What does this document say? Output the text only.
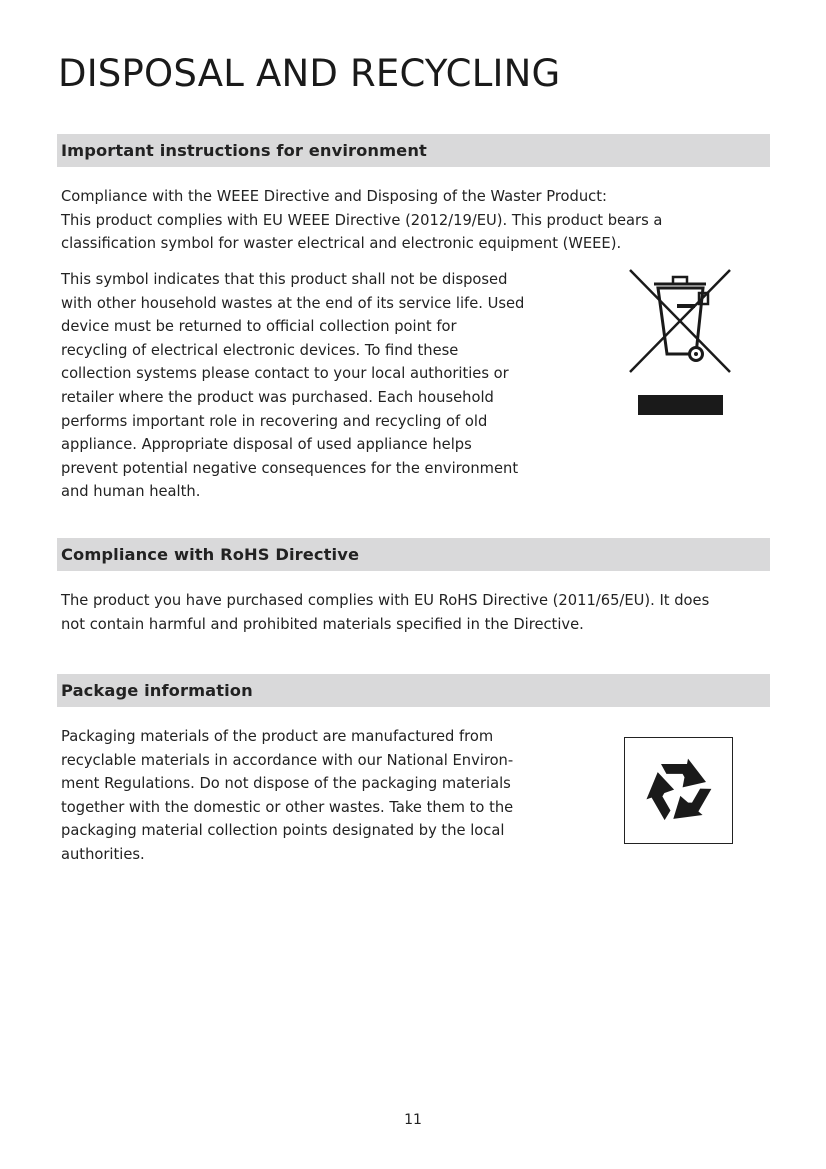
DISPOSAL AND RECYCLING
Important instructions for environment

Compliance with the WEEE Directive and Disposing of the Waster Product:
This product complies with EU WEEE Directive (2012/19/EU). This product bears a
classification symbol for waster electrical and electronic equipment (WEEE).

This symbol indicates that this product shall not be disposed
with other household wastes at the end of its service life. Used
device must be returned to official collection point for
recycling of electrical electronic devices. To find these
collection systems please contact to your local authorities or
retailer where the product was purchased. Each household
performs important role in recovering and recycling of old
appliance. Appropriate disposal of used appliance helps
prevent potential negative consequences for the environment
and human health.

Compliance with RoHS Directive

The product you have purchased complies with EU RoHS Directive (2011/65/EU). It does
not contain harmful and prohibited materials specified in the Directive.

Package information

Packaging materials of the product are manufactured from
recyclable materials in accordance with our National Environ-
ment Regulations. Do not dispose of the packaging materials
together with the domestic or other wastes. Take them to the
packaging material collection points designated by the local
authorities.

11
